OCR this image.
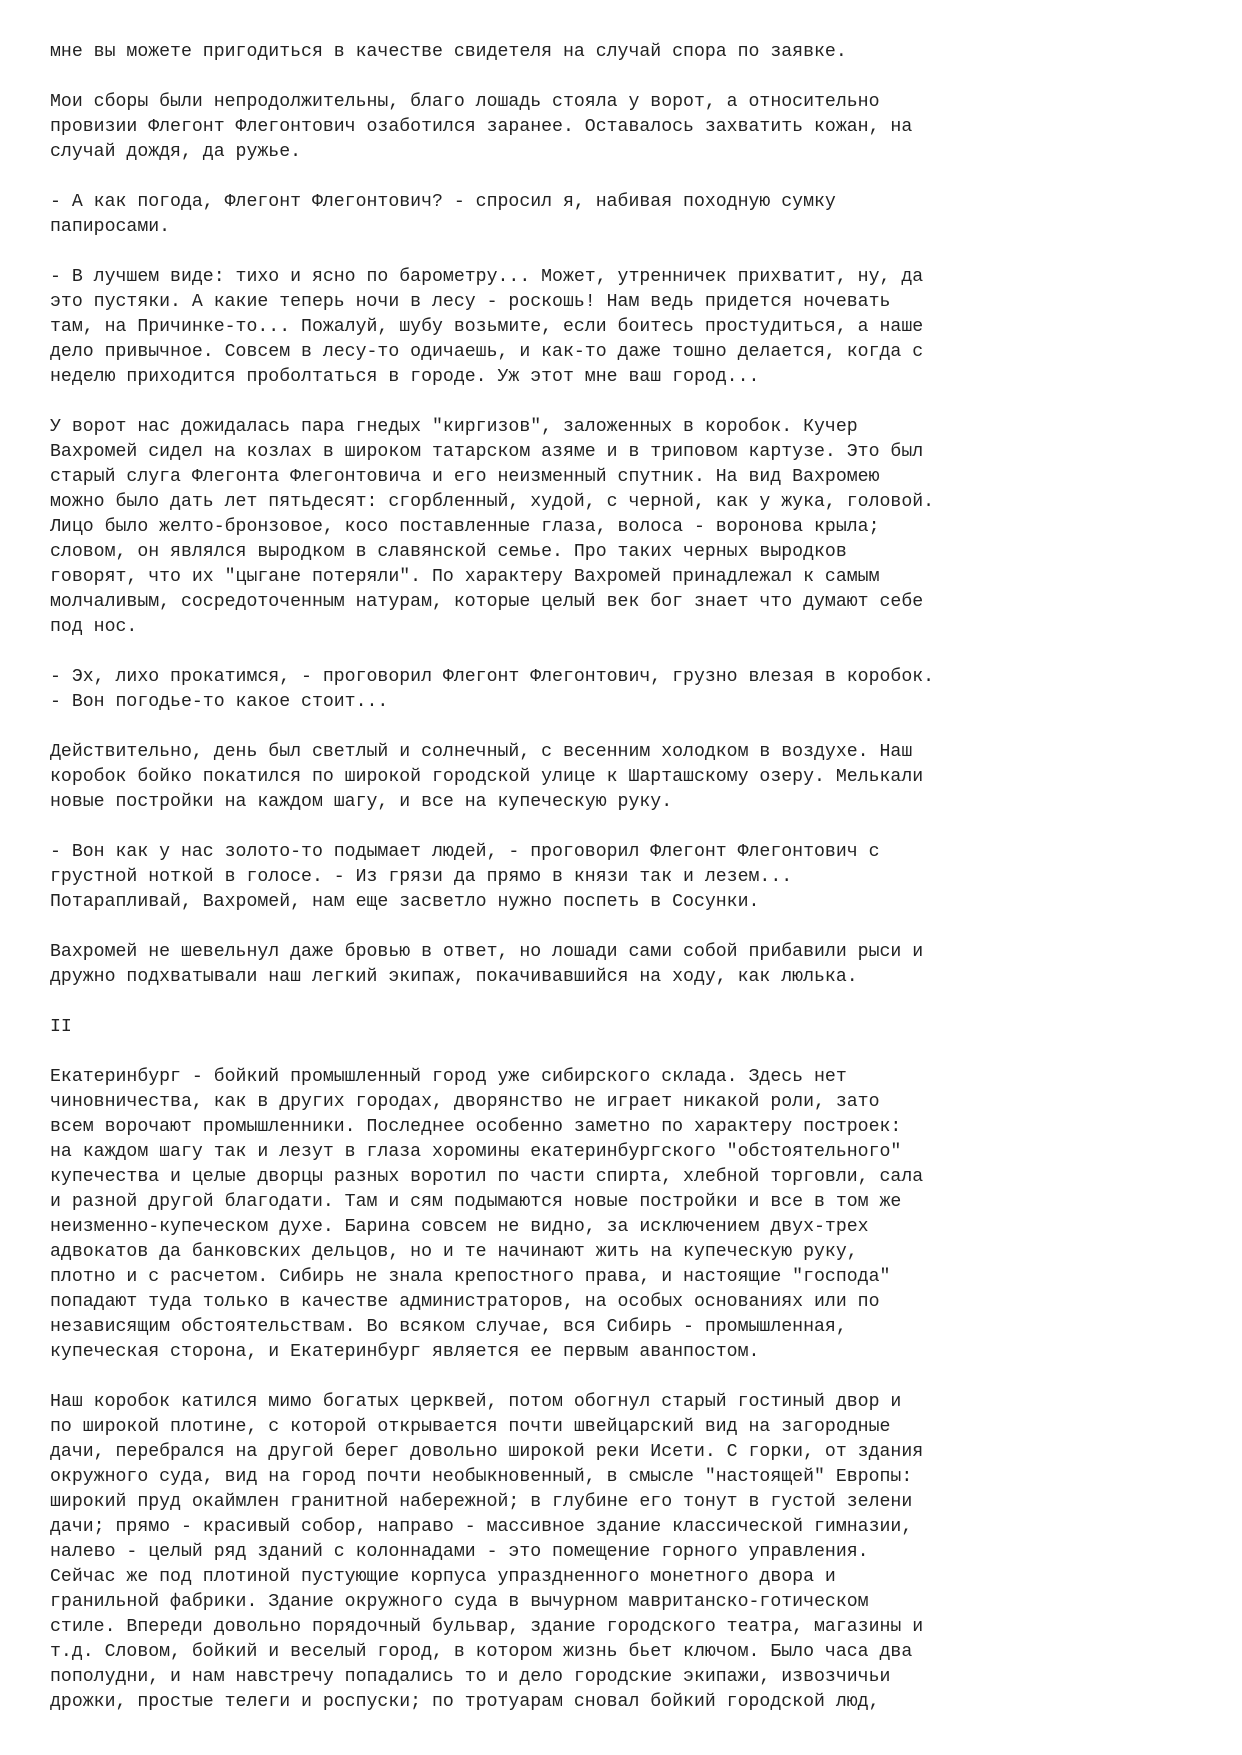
мне вы можете пригодиться в качестве свидетеля на случай спора по заявке.
Мои сборы были непродолжительны, благо лошадь стояла у ворот, а относительно
провизии Флегонт Флегонтович озаботился заранее. Оставалось захватить кожан, на
случай дождя, да ружье.
- А как погода, Флегонт Флегонтович? - спросил я, набивая походную сумку
папиросами.
- В лучшем виде: тихо и ясно по барометру... Может, утренничек прихватит, ну, да
это пустяки. А какие теперь ночи в лесу - роскошь! Нам ведь придется ночевать
там, на Причинке-то... Пожалуй, шубу возьмите, если боитесь простудиться, а наше
дело привычное. Совсем в лесу-то одичаешь, и как-то даже тошно делается, когда с
неделю приходится проболтаться в городе. Уж этот мне ваш город...
У ворот нас дожидалась пара гнедых "киргизов", заложенных в коробок. Кучер
Вахромей сидел на козлах в широком татарском азяме и в триповом картузе. Это был
старый слуга Флегонта Флегонтовича и его неизменный спутник. На вид Вахромею
можно было дать лет пятьдесят: сгорбленный, худой, с черной, как у жука, головой.
Лицо было желто-бронзовое, косо поставленные глаза, волоса - воронова крыла;
словом, он являлся выродком в славянской семье. Про таких черных выродков
говорят, что их "цыгане потеряли". По характеру Вахромей принадлежал к самым
молчаливым, сосредоточенным натурам, которые целый век бог знает что думают себе
под нос.
- Эх, лихо прокатимся, - проговорил Флегонт Флегонтович, грузно влезая в коробок.
- Вон погодье-то какое стоит...
Действительно, день был светлый и солнечный, с весенним холодком в воздухе. Наш
коробок бойко покатился по широкой городской улице к Шарташскому озеру. Мелькали
новые постройки на каждом шагу, и все на купеческую руку.
- Вон как у нас золото-то подымает людей, - проговорил Флегонт Флегонтович с
грустной ноткой в голосе. - Из грязи да прямо в князи так и лезем...
Потарапливай, Вахромей, нам еще засветло нужно поспеть в Сосунки.
Вахромей не шевельнул даже бровью в ответ, но лошади сами собой прибавили рыси и
дружно подхватывали наш легкий экипаж, покачивавшийся на ходу, как люлька.
II
Екатеринбург - бойкий промышленный город уже сибирского склада. Здесь нет
чиновничества, как в других городах, дворянство не играет никакой роли, зато
всем ворочают промышленники. Последнее особенно заметно по характеру построек:
на каждом шагу так и лезут в глаза хоромины екатеринбургского "обстоятельного"
купечества и целые дворцы разных воротил по части спирта, хлебной торговли, сала
и разной другой благодати. Там и сям подымаются новые постройки и все в том же
неизменно-купеческом духе. Барина совсем не видно, за исключением двух-трех
адвокатов да банковских дельцов, но и те начинают жить на купеческую руку,
плотно и с расчетом. Сибирь не знала крепостного права, и настоящие "господа"
попадают туда только в качестве администраторов, на особых основаниях или по
независящим обстоятельствам. Во всяком случае, вся Сибирь - промышленная,
купеческая сторона, и Екатеринбург является ее первым аванпостом.
Наш коробок катился мимо богатых церквей, потом обогнул старый гостиный двор и
по широкой плотине, с которой открывается почти швейцарский вид на загородные
дачи, перебрался на другой берег довольно широкой реки Исети. С горки, от здания
окружного суда, вид на город почти необыкновенный, в смысле "настоящей" Европы:
широкий пруд окаймлен гранитной набережной; в глубине его тонут в густой зелени
дачи; прямо - красивый собор, направо - массивное здание классической гимназии,
налево - целый ряд зданий с колоннадами - это помещение горного управления.
Сейчас же под плотиной пустующие корпуса упраздненного монетного двора и
гранильной фабрики. Здание окружного суда в вычурном мавританско-готическом
стиле. Впереди довольно порядочный бульвар, здание городского театра, магазины и
т.д. Словом, бойкий и веселый город, в котором жизнь бьет ключом. Было часа два
пополудни, и нам навстречу попадались то и дело городские экипажи, извозчичьи
дрожки, простые телеги и роспуски; по тротуарам сновал бойкий городской люд,
